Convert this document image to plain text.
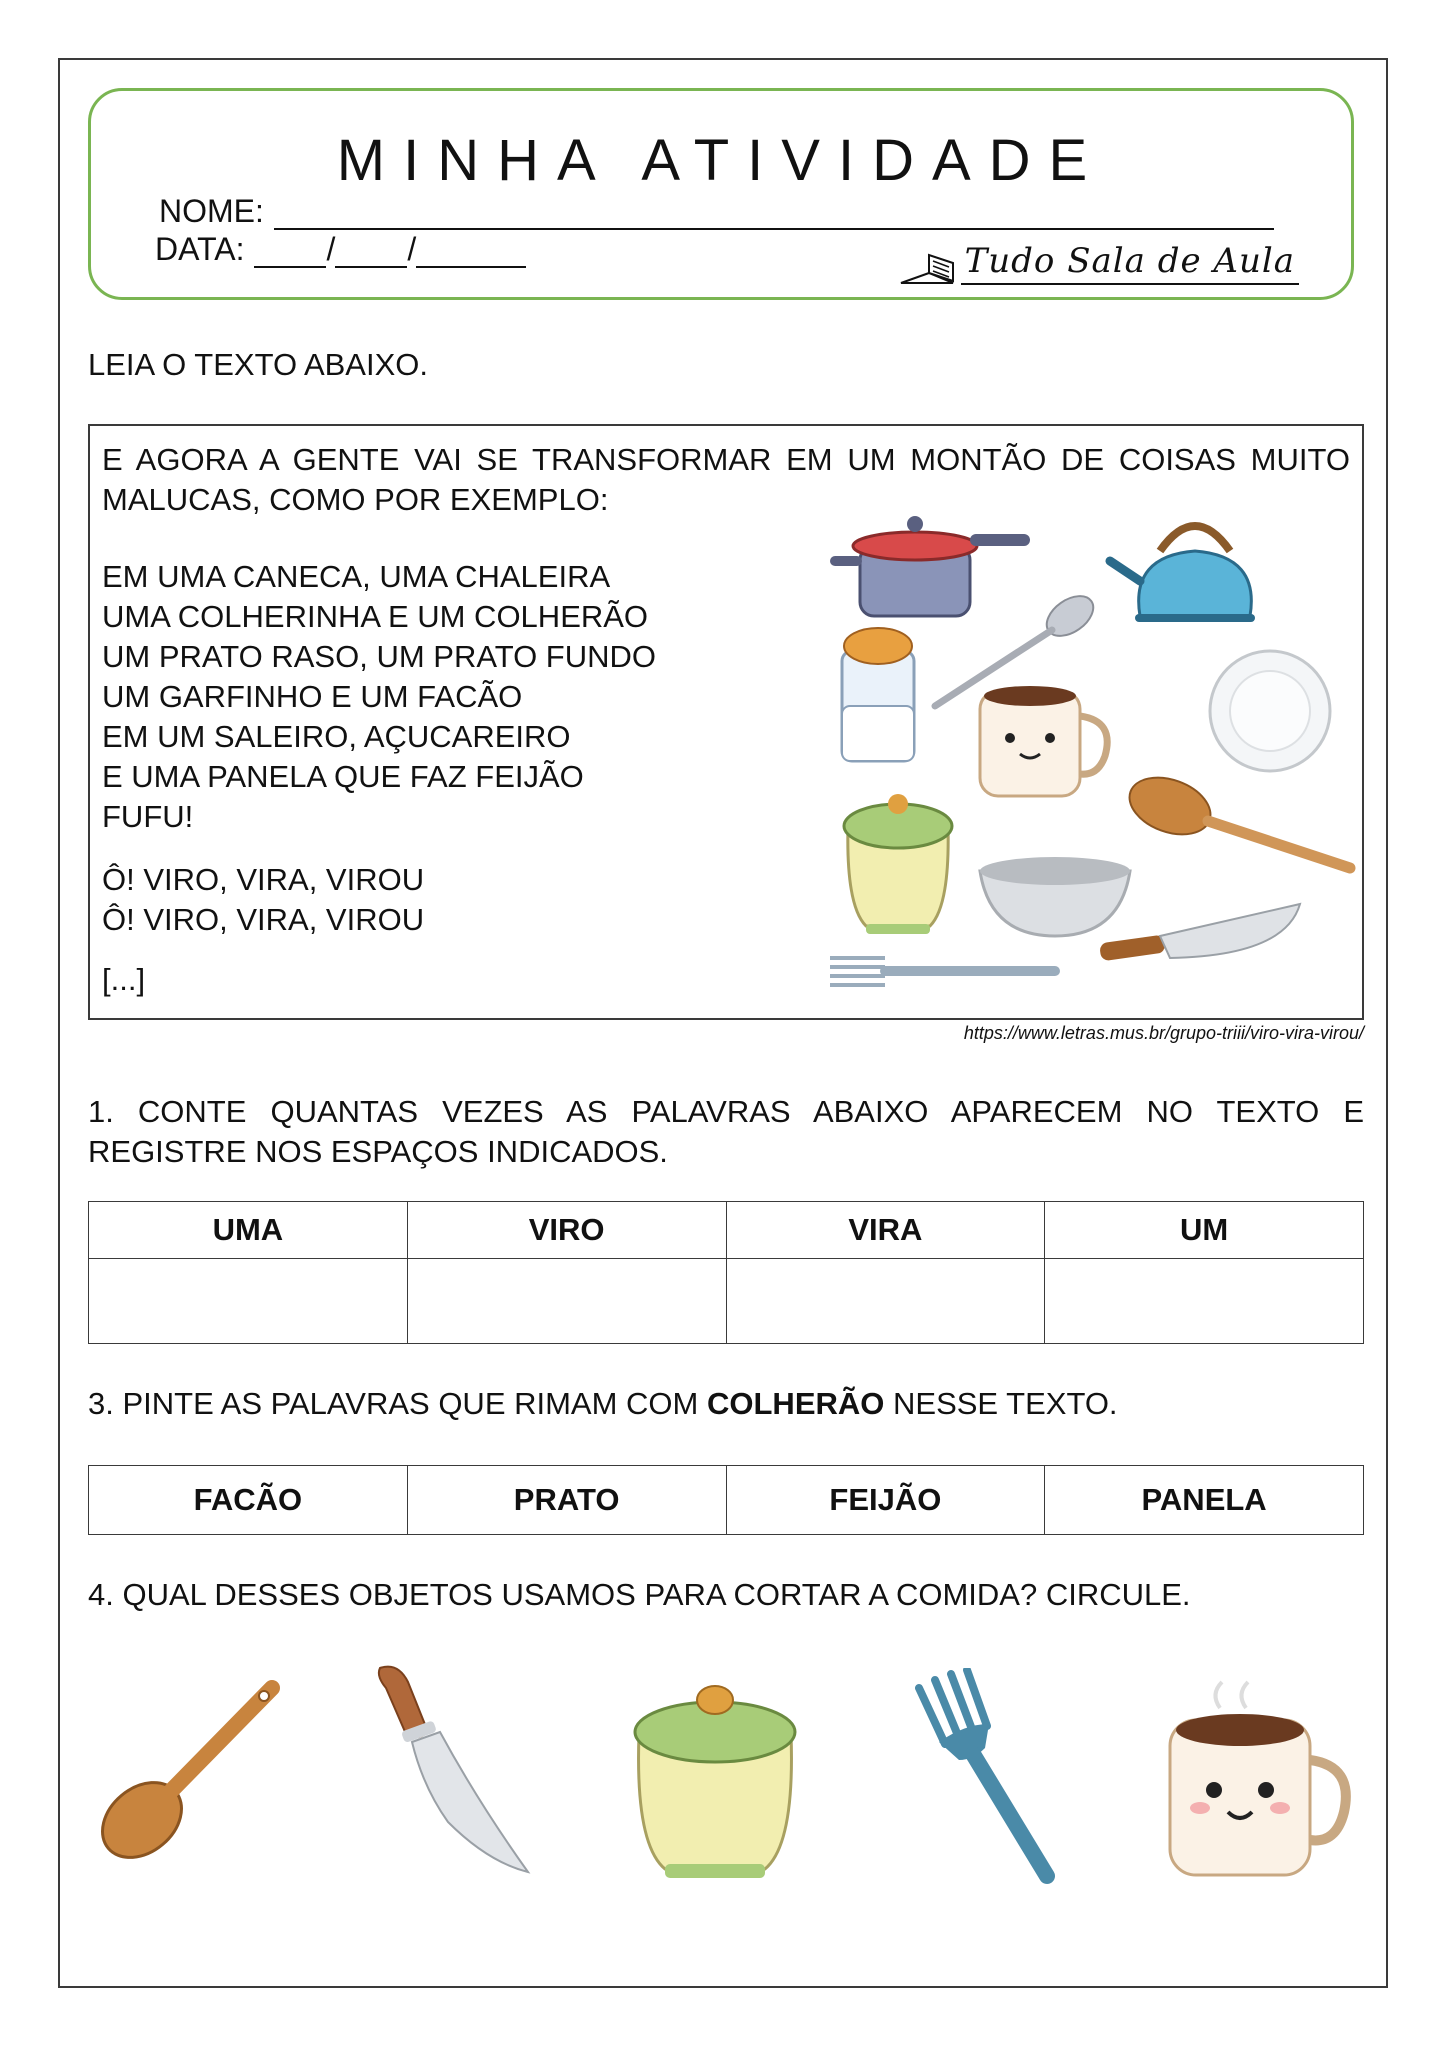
MINHA ATIVIDADE
NOME:
DATA:	/ /	Tudo Sala de Aula
LEIA O TEXTO ABAIXO.
E AGORA A GENTE VAI SE TRANSFORMAR EM UM MONTÃO DE COISAS MUITO MALUCAS, COMO POR EXEMPLO:
EM UMA CANECA, UMA CHALEIRA
UMA COLHERINHA E UM COLHERÃO
UM PRATO RASO, UM PRATO FUNDO
UM GARFINHO E UM FACÃO
EM UM SALEIRO, AÇUCAREIRO
E UMA PANELA QUE FAZ FEIJÃO
FUFU!
Ô! VIRO, VIRA, VIROU
Ô! VIRO, VIRA, VIROU
[...]
https://www.letras.mus.br/grupo-triii/viro-vira-virou/
1. CONTE QUANTAS VEZES AS PALAVRAS ABAIXO APARECEM NO TEXTO E REGISTRE NOS ESPAÇOS INDICADOS.
UMA	VIRO	VIRA	UM

3. PINTE AS PALAVRAS QUE RIMAM COM COLHERÃO NESSE TEXTO.
FACÃO	PRATO	FEIJÃO	PANELA
4. QUAL DESSES OBJETOS USAMOS PARA CORTAR A COMIDA? CIRCULE.
